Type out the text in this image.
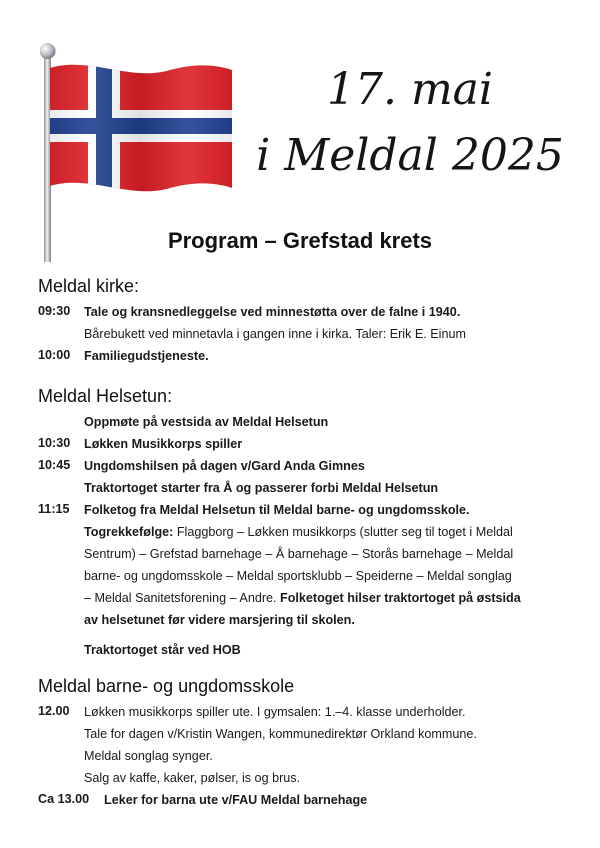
17. mai
i Meldal 2025
Program – Grefstad krets
Meldal kirke:
09:30 Tale og kransnedleggelse ved minnestøtta over de falne i 1940.
Bårebukett ved minnetavla i gangen inne i kirka. Taler: Erik E. Einum
10:00 Familiegudstjeneste.
Meldal Helsetun:
Oppmøte på vestsida av Meldal Helsetun
10:30 Løkken Musikkorps spiller
10:45 Ungdomshilsen på dagen v/Gard Anda Gimnes
Traktortoget starter fra Å og passerer forbi Meldal Helsetun
11:15 Folketog fra Meldal Helsetun til Meldal barne- og ungdomsskole.
Togrekkefølge: Flaggborg – Løkken musikkorps (slutter seg til toget i Meldal
Sentrum) – Grefstad barnehage – Å barnehage – Storås barnehage – Meldal
barne- og ungdomsskole – Meldal sportsklubb – Speiderne – Meldal songlag
– Meldal Sanitetsforening – Andre. Folketoget hilser traktortoget på østsida
av helsetunet før videre marsjering til skolen.
Traktortoget står ved HOB
Meldal barne- og ungdomsskole
12.00 Løkken musikkorps spiller ute. I gymsalen: 1.–4. klasse underholder.
Tale for dagen v/Kristin Wangen, kommunedirektør Orkland kommune.
Meldal songlag synger.
Salg av kaffe, kaker, pølser, is og brus.
Ca 13.00 Leker for barna ute v/FAU Meldal barnehage
